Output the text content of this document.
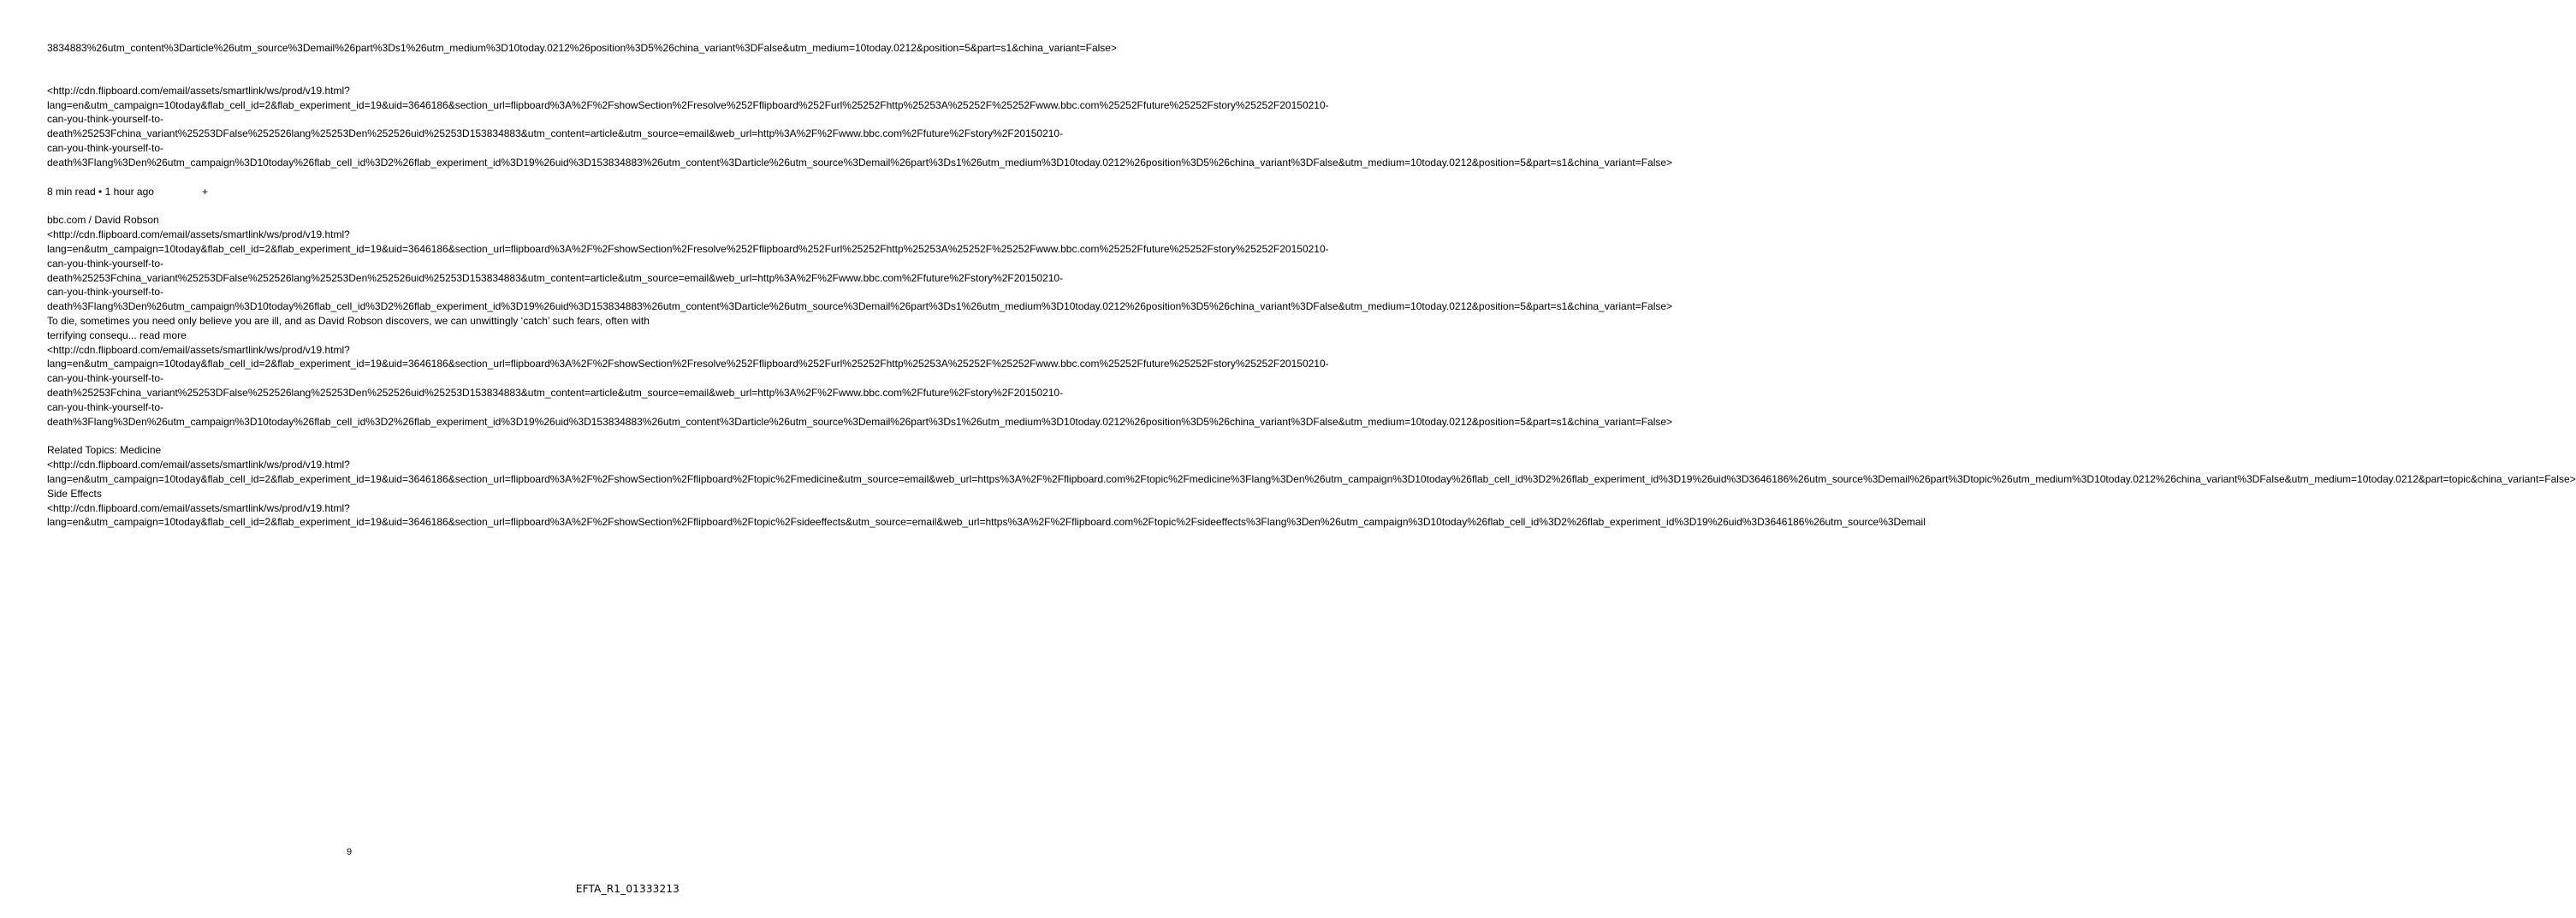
3834883%26utm_content%3Darticle%26utm_source%3Demail%26part%3Ds1%26utm_medium%3D10today.0212%26position%3D5%26china_variant%3DFalse&utm_medium=10today.0212&position=5&part=s1&china_variant=False>

<http://cdn.flipboard.com/email/assets/smartlink/ws/prod/v19.html?lang=en&utm_campaign=10today&flab_cell_id=2&flab_experiment_id=19&uid=3646186&section_url=flipboard%3A%2F%2FshowSection%2Fresolve%252Fflipboard%252Furl%25252Fhttp%25253A%25252F%25252Fwww.bbc.com%25252Ffuture%25252Fstory%25252F20150210-can-you-think-yourself-to-
death%25253Fchina_variant%25253DFalse%252526lang%25253Den%252526uid%25253D153834883&utm_content=article&utm_source=email&web_url=http%3A%2F%2Fwww.bbc.com%2Ffuture%2Fstory%2F20150210-can-you-think-yourself-to-
death%3Flang%3Den%26utm_campaign%3D10today%26flab_cell_id%3D2%26flab_experiment_id%3D19%26uid%3D153834883%26utm_content%3Darticle%26utm_source%3Demail%26part%3Ds1%26utm_medium%3D10today.0212%26position%3D5%26china_variant%3DFalse&utm_medium=10today.0212&position=5&part=s1&china_variant=False>

8 min read • 1 hour ago	+

bbc.com / David Robson

<http://cdn.flipboard.com/email/assets/smartlink/ws/prod/v19.html?lang=en&utm_campaign=10today&flab_cell_id=2&flab_experiment_id=19&uid=3646186&section_url=flipboard%3A%2F%2FshowSection%2Fresolve%252Fflipboard%252Furl%25252Fhttp%25253A%25252F%25252Fwww.bbc.com%25252Ffuture%25252Fstory%25252F20150210-can-you-think-yourself-to-
death%25253Fchina_variant%25253DFalse%252526lang%25253Den%252526uid%25253D153834883&utm_content=article&utm_source=email&web_url=http%3A%2F%2Fwww.bbc.com%2Ffuture%2Fstory%2F20150210-can-you-think-yourself-to-
death%3Flang%3Den%26utm_campaign%3D10today%26flab_cell_id%3D2%26flab_experiment_id%3D19%26uid%3D153834883%26utm_content%3Darticle%26utm_source%3Demail%26part%3Ds1%26utm_medium%3D10today.0212%26position%3D5%26china_variant%3DFalse&utm_medium=10today.0212&position=5&part=s1&china_variant=False> To die, sometimes you need only believe you are ill, and as David Robson discovers, we can unwittingly ‘catch’ such fears, often with terrifying consequ... read more

<http://cdn.flipboard.com/email/assets/smartlink/ws/prod/v19.html?lang=en&utm_campaign=10today&flab_cell_id=2&flab_experiment_id=19&uid=3646186&section_url=flipboard%3A%2F%2FshowSection%2Fresolve%252Fflipboard%252Furl%25252Fhttp%25253A%25252F%25252Fwww.bbc.com%25252Ffuture%25252Fstory%25252F20150210-can-you-think-yourself-to-
death%25253Fchina_variant%25253DFalse%252526lang%25253Den%252526uid%25253D153834883&utm_content=article&utm_source=email&web_url=http%3A%2F%2Fwww.bbc.com%2Ffuture%2Fstory%2F20150210-can-you-think-yourself-to-
death%3Flang%3Den%26utm_campaign%3D10today%26flab_cell_id%3D2%26flab_experiment_id%3D19%26uid%3D153834883%26utm_content%3Darticle%26utm_source%3Demail%26part%3Ds1%26utm_medium%3D10today.0212%26position%3D5%26china_variant%3DFalse&utm_medium=10today.0212&position=5&part=s1&china_variant=False>

Related Topics: Medicine

<http://cdn.flipboard.com/email/assets/smartlink/ws/prod/v19.html?lang=en&utm_campaign=10today&flab_cell_id=2&flab_experiment_id=19&uid=3646186&section_url=flipboard%3A%2F%2FshowSection%2Fflipboard%2Ftopic%2Fmedicine&utm_source=email&web_url=https%3A%2F%2Fflipboard.com%2Ftopic%2Fmedicine%3Flang%3Den%26utm_campaign%3D10today%26flab_cell_id%3D2%26flab_experiment_id%3D19%26uid%3D3646186%26utm_source%3Demail%26part%3Dtopic%26utm_medium%3D10today.0212%26china_variant%3DFalse&utm_medium=10today.0212&part=topic&china_variant=False>    Side Effects

<http://cdn.flipboard.com/email/assets/smartlink/ws/prod/v19.html?lang=en&utm_campaign=10today&flab_cell_id=2&flab_experiment_id=19&uid=3646186&section_url=flipboard%3A%2F%2FshowSection%2Fflipboard%2Ftopic%2Fsideeffects&utm_source=email&web_url=https%3A%2F%2Fflipboard.com%2Ftopic%2Fsideeffects%3Flang%3Den%26utm_campaign%3D10today%26flab_cell_id%3D2%26flab_experiment_id%3D19%26uid%3D3646186%26utm_source%3Demail

9
EFTA_R1_01333213
